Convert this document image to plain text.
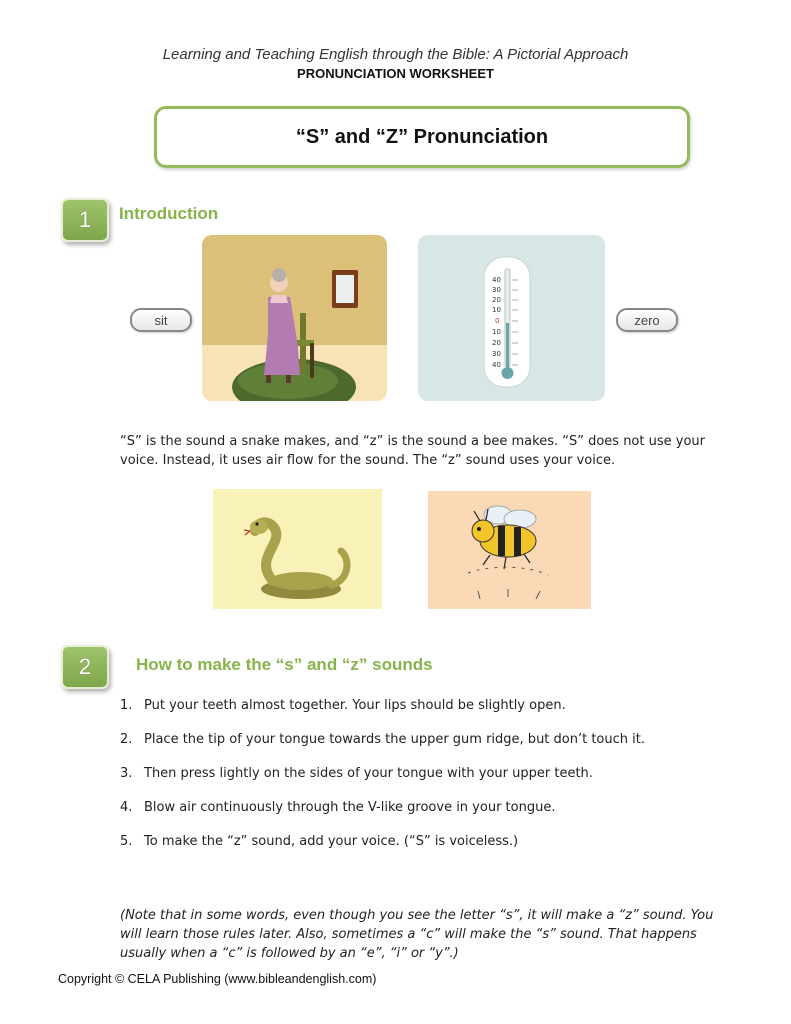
Learning and Teaching English through the Bible: A Pictorial Approach
PRONUNCIATION WORKSHEET
“S” and “Z” Pronunciation
1	Introduction
sit
40
30
20
10
0
10
20
30
40
zero
“S” is the sound a snake makes, and “z” is the sound a bee makes. “S” does not use your voice. Instead, it uses air flow for the sound. The “z” sound uses your voice.
2	How to make the “s” and “z” sounds
1. Put your teeth almost together. Your lips should be slightly open.
2. Place the tip of your tongue towards the upper gum ridge, but don’t touch it.
3. Then press lightly on the sides of your tongue with your upper teeth.
4. Blow air continuously through the V-like groove in your tongue.
5. To make the “z” sound, add your voice. (“S” is voiceless.)
(Note that in some words, even though you see the letter “s”, it will make a “z” sound. You will learn those rules later. Also, sometimes a “c” will make the “s” sound. That happens usually when a “c” is followed by an “e”, “i” or “y”.)
Copyright © CELA Publishing (www.bibleandenglish.com)
